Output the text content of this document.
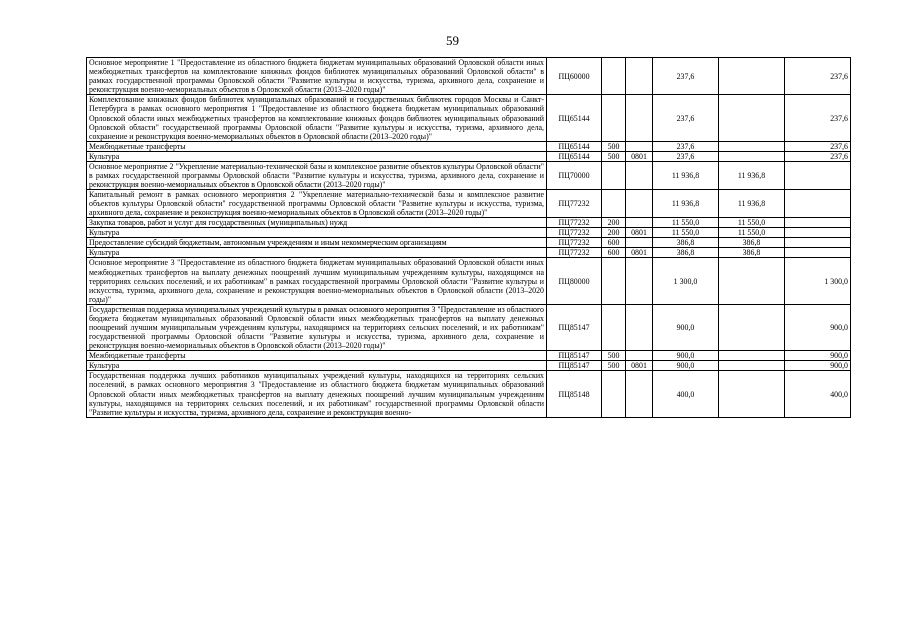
59
Основное мероприятие 1 "Предоставление из областного бюджета бюджетам муниципальных образований Орловской области иных межбюджетных трансфертов на комплектование книжных фондов библиотек муниципальных образований Орловской области" в рамках государственной программы Орловской области "Развитие культуры и искусства, туризма, архивного дела, сохранение и реконструкция военно-мемориальных объектов в Орловской области (2013–2020 годы)"	ПЦ60000			237,6		237,6
Комплектование книжных фондов библиотек муниципальных образований и государственных библиотек городов Москвы и Санкт-Петербурга в рамках основного мероприятия 1 "Предоставление из областного бюджета бюджетам муниципальных образований Орловской области иных межбюджетных трансфертов на комплектование книжных фондов библиотек муниципальных образований Орловской области" государственной программы Орловской области "Развитие культуры и искусства, туризма, архивного дела, сохранение и реконструкция военно-мемориальных объектов в Орловской области (2013–2020 годы)"	ПЦ65144			237,6		237,6
Межбюджетные трансферты	ПЦ65144	500		237,6		237,6
Культура	ПЦ65144	500	0801	237,6		237,6
Основное мероприятие 2 "Укрепление материально-технической базы и комплексное развитие объектов культуры Орловской области" в рамках государственной программы Орловской области "Развитие культуры и искусства, туризма, архивного дела, сохранение и реконструкция военно-мемориальных объектов в Орловской области (2013–2020 годы)"	ПЦ70000			11 936,8	11 936,8	
Капитальный ремонт в рамках основного мероприятия 2 "Укрепление материально-технической базы и комплексное развитие объектов культуры Орловской области" государственной программы Орловской области "Развитие культуры и искусства, туризма, архивного дела, сохранение и реконструкция военно-мемориальных объектов в Орловской области (2013–2020 годы)"	ПЦ77232			11 936,8	11 936,8	
Закупка товаров, работ и услуг для государственных (муниципальных) нужд	ПЦ77232	200		11 550,0	11 550,0	
Культура	ПЦ77232	200	0801	11 550,0	11 550,0	
Предоставление субсидий бюджетным, автономным учреждениям и иным некоммерческим организациям	ПЦ77232	600		386,8	386,8	
Культура	ПЦ77232	600	0801	386,8	386,8	
Основное мероприятие 3 "Предоставление из областного бюджета бюджетам муниципальных образований Орловской области иных межбюджетных трансфертов на выплату денежных поощрений лучшим муниципальным учреждениям культуры, находящимся на территориях сельских поселений, и их работникам" в рамках государственной программы Орловской области "Развитие культуры и искусства, туризма, архивного дела, сохранение и реконструкция военно-мемориальных объектов в Орловской области (2013–2020 годы)"	ПЦ80000			1 300,0		1 300,0
Государственная поддержка муниципальных учреждений культуры в рамках основного мероприятия 3 "Предоставление из областного бюджета бюджетам муниципальных образований Орловской области иных межбюджетных трансфертов на выплату денежных поощрений лучшим муниципальным учреждениям культуры, находящимся на территориях сельских поселений, и их работникам" государственной программы Орловской области "Развитие культуры и искусства, туризма, архивного дела, сохранение и реконструкция военно-мемориальных объектов в Орловской области (2013–2020 годы)"	ПЦ85147			900,0		900,0
Межбюджетные трансферты	ПЦ85147	500		900,0		900,0
Культура	ПЦ85147	500	0801	900,0		900,0
Государственная поддержка лучших работников муниципальных учреждений культуры, находящихся на территориях сельских поселений, в рамках основного мероприятия 3 "Предоставление из областного бюджета бюджетам муниципальных образований Орловской области иных межбюджетных трансфертов на выплату денежных поощрений лучшим муниципальным учреждениям культуры, находящимся на территориях сельских поселений, и их работникам" государственной программы Орловской области "Развитие культуры и искусства, туризма, архивного дела, сохранение и реконструкция военно-	ПЦ85148			400,0		400,0
